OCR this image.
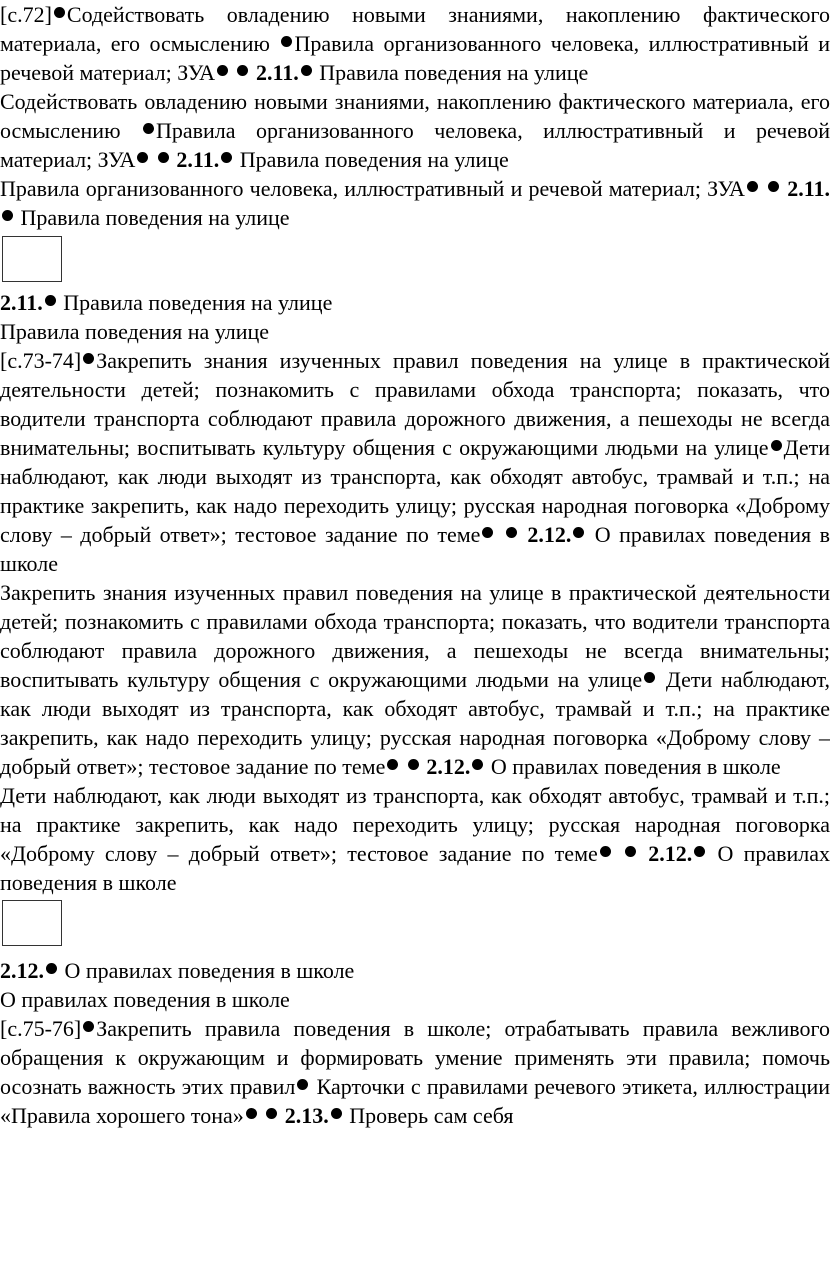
[с.72] Содействовать овладению новыми знаниями, накоплению фактического материала, его осмыслению Правила организованного человека, иллюстративный и речевой материал; ЗУА 2.11. Правила поведения на улице

Содействовать овладению новыми знаниями, накоплению фактического материала, его осмыслению Правила организованного человека, иллюстративный и речевой материал; ЗУА 2.11. Правила поведения на улице

Правила организованного человека, иллюстративный и речевой материал; ЗУА 2.11. Правила поведения на улице

2.11. Правила поведения на улице

Правила поведения на улице

[с.73-74] Закрепить знания изученных правил поведения на улице в практической деятельности детей; познакомить с правилами обхода транспорта; показать, что водители транспорта соблюдают правила дорожного движения, а пешеходы не всегда внимательны; воспитывать культуру общения с окружающими людьми на улице Дети наблюдают, как люди выходят из транспорта, как обходят автобус, трамвай и т.п.; на практике закрепить, как надо переходить улицу; русская народная поговорка «Доброму слову – добрый ответ»; тестовое задание по теме 2.12. О правилах поведения в школе

Закрепить знания изученных правил поведения на улице в практической деятельности детей; познакомить с правилами обхода транспорта; показать, что водители транспорта соблюдают правила дорожного движения, а пешеходы не всегда внимательны; воспитывать культуру общения с окружающими людьми на улице Дети наблюдают, как люди выходят из транспорта, как обходят автобус, трамвай и т.п.; на практике закрепить, как надо переходить улицу; русская народная поговорка «Доброму слову – добрый ответ»; тестовое задание по теме 2.12. О правилах поведения в школе

Дети наблюдают, как люди выходят из транспорта, как обходят автобус, трамвай и т.п.; на практике закрепить, как надо переходить улицу; русская народная поговорка «Доброму слову – добрый ответ»; тестовое задание по теме 2.12. О правилах поведения в школе

2.12. О правилах поведения в школе

О правилах поведения в школе

[с.75-76] Закрепить правила поведения в школе; отрабатывать правила вежливого обращения к окружающим и формировать умение применять эти правила; помочь осознать важность этих правил Карточки с правилами речевого этикета, иллюстрации «Правила хорошего тона» 2.13. Проверь сам себя
